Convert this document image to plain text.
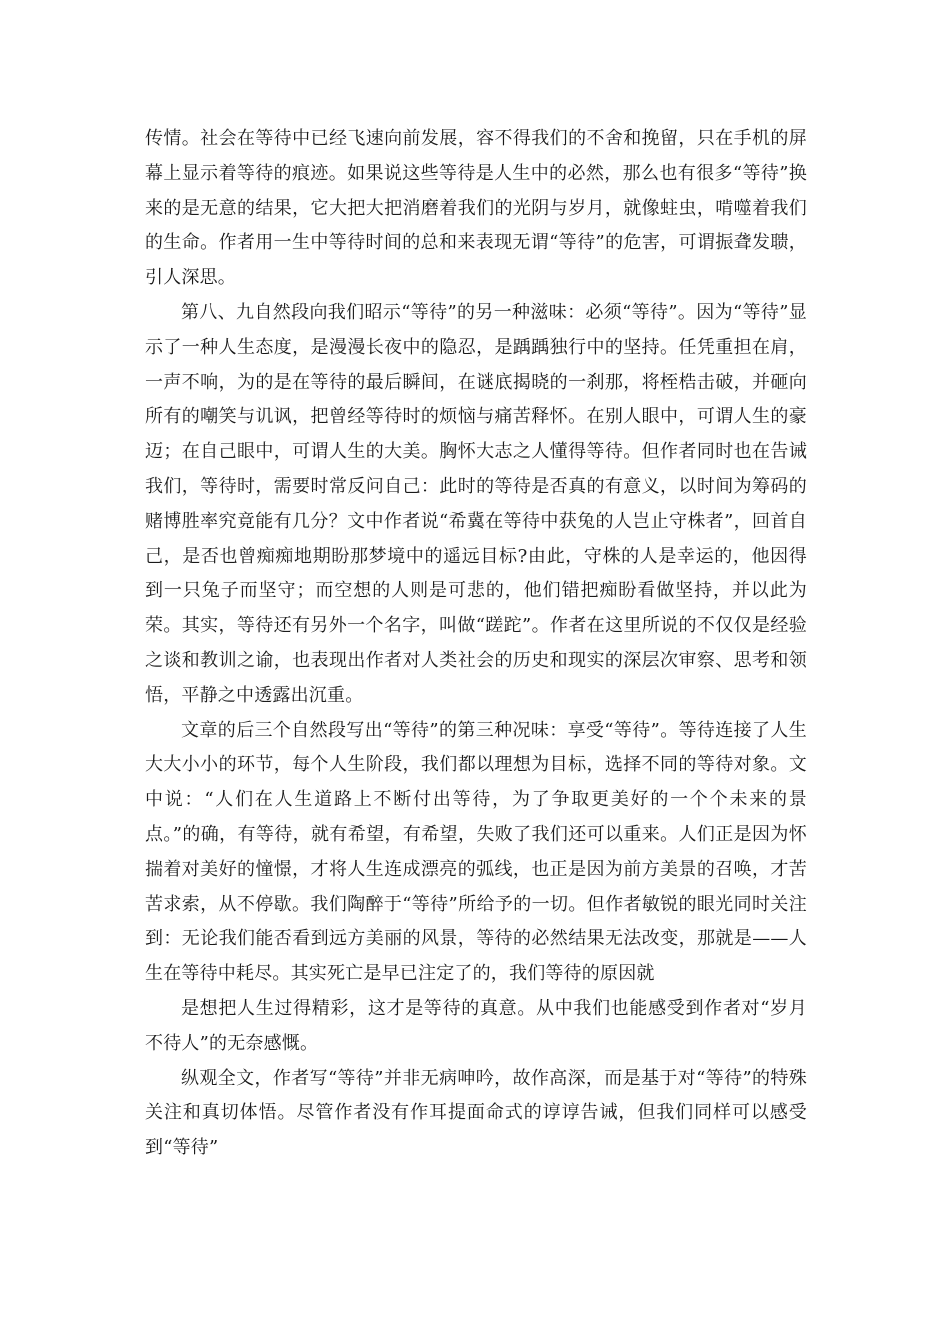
传情。社会在等待中已经飞速向前发展，容不得我们的不舍和挽留，只在手机的屏幕上显示着等待的痕迹。如果说这些等待是人生中的必然，那么也有很多“等待”换来的是无意的结果，它大把大把消磨着我们的光阴与岁月，就像蛀虫，啃噬着我们的生命。作者用一生中等待时间的总和来表现无谓“等待”的危害，可谓振聋发聩，引人深思。

第八、九自然段向我们昭示“等待”的另一种滋味：必须“等待”。因为“等待”显示了一种人生态度，是漫漫长夜中的隐忍，是踽踽独行中的坚持。任凭重担在肩，一声不响，为的是在等待的最后瞬间，在谜底揭晓的一刹那，将桎梏击破，并砸向所有的嘲笑与讥讽，把曾经等待时的烦恼与痛苦释怀。在别人眼中，可谓人生的豪迈；在自己眼中，可谓人生的大美。胸怀大志之人懂得等待。但作者同时也在告诫我们，等待时，需要时常反问自己：此时的等待是否真的有意义，以时间为筹码的赌博胜率究竟能有几分？文中作者说“希冀在等待中获兔的人岂止守株者”，回首自己，是否也曾痴痴地期盼那梦境中的遥远目标?由此，守株的人是幸运的，他因得到一只兔子而坚守；而空想的人则是可悲的，他们错把痴盼看做坚持，并以此为荣。其实，等待还有另外一个名字，叫做“蹉跎”。作者在这里所说的不仅仅是经验之谈和教训之谕，也表现出作者对人类社会的历史和现实的深层次审察、思考和领悟，平静之中透露出沉重。

文章的后三个自然段写出“等待”的第三种况味：享受“等待”。等待连接了人生大大小小的环节，每个人生阶段，我们都以理想为目标，选择不同的等待对象。文中说：“人们在人生道路上不断付出等待，为了争取更美好的一个个未来的景点。”的确，有等待，就有希望，有希望，失败了我们还可以重来。人们正是因为怀揣着对美好的憧憬，才将人生连成漂亮的弧线，也正是因为前方美景的召唤，才苦苦求索，从不停歇。我们陶醉于“等待”所给予的一切。但作者敏锐的眼光同时关注到：无论我们能否看到远方美丽的风景，等待的必然结果无法改变，那就是——人生在等待中耗尽。其实死亡是早已注定了的，我们等待的原因就

是想把人生过得精彩，这才是等待的真意。从中我们也能感受到作者对“岁月不待人”的无奈感慨。

纵观全文，作者写“等待”并非无病呻吟，故作高深，而是基于对“等待”的特殊关注和真切体悟。尽管作者没有作耳提面命式的谆谆告诫，但我们同样可以感受到“等待”
